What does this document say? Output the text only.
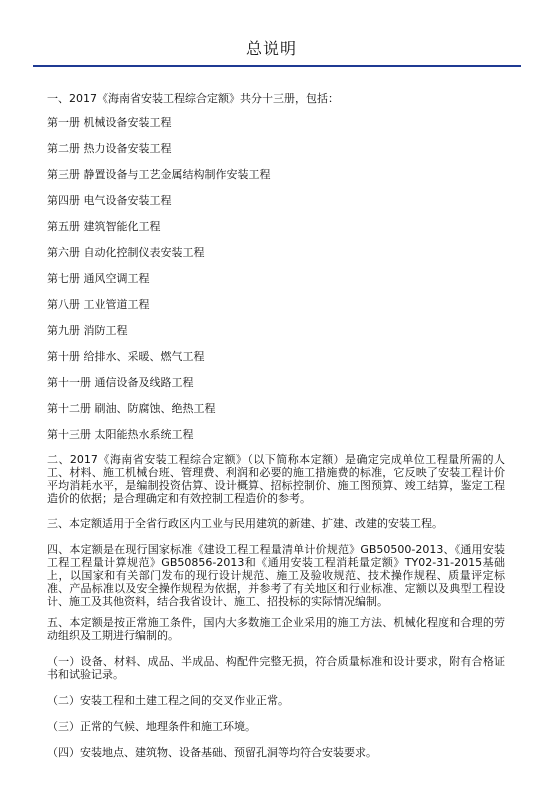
总说明
一、2017《海南省安装工程综合定额》共分十三册，包括：
第一册 机械设备安装工程
第二册 热力设备安装工程
第三册 静置设备与工艺金属结构制作安装工程
第四册 电气设备安装工程
第五册 建筑智能化工程
第六册 自动化控制仪表安装工程
第七册 通风空调工程
第八册 工业管道工程
第九册 消防工程
第十册 给排水、采暖、燃气工程
第十一册 通信设备及线路工程
第十二册 刷油、防腐蚀、绝热工程
第十三册 太阳能热水系统工程
二、2017《海南省安装工程综合定额》（以下简称本定额）是确定完成单位工程量所需的人工、材料、施工机械台班、管理费、利润和必要的施工措施费的标准，它反映了安装工程计价平均消耗水平，是编制投资估算、设计概算、招标控制价、施工图预算、竣工结算，鉴定工程造价的依据；是合理确定和有效控制工程造价的参考。
三、本定额适用于全省行政区内工业与民用建筑的新建、扩建、改建的安装工程。
四、本定额是在现行国家标准《建设工程工程量清单计价规范》GB50500-2013、《通用安装工程工程量计算规范》GB50856-2013和《通用安装工程消耗量定额》TY02-31-2015基础上，以国家和有关部门发布的现行设计规范、施工及验收规范、技术操作规程、质量评定标准、产品标准以及安全操作规程为依据，并参考了有关地区和行业标准、定额以及典型工程设计、施工及其他资料，结合我省设计、施工、招投标的实际情况编制。
五、本定额是按正常施工条件，国内大多数施工企业采用的施工方法、机械化程度和合理的劳动组织及工期进行编制的。
（一）设备、材料、成品、半成品、构配件完整无损，符合质量标准和设计要求，附有合格证书和试验记录。
（二）安装工程和土建工程之间的交叉作业正常。
（三）正常的气候、地理条件和施工环境。
（四）安装地点、建筑物、设备基础、预留孔洞等均符合安装要求。
